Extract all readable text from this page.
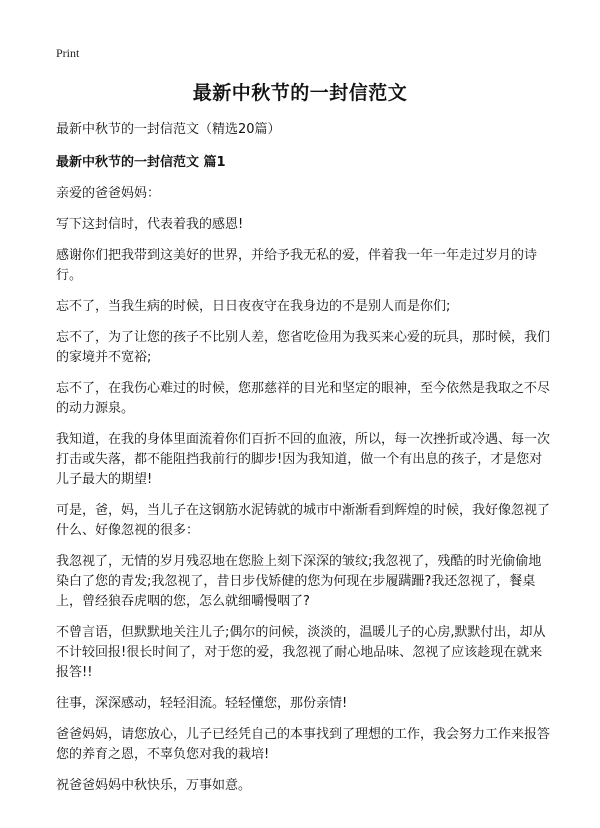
Print
最新中秋节的一封信范文
最新中秋节的一封信范文（精选20篇）
最新中秋节的一封信范文 篇1

亲爱的爸爸妈妈：

写下这封信时，代表着我的感恩!

感谢你们把我带到这美好的世界，并给予我无私的爱，伴着我一年一年走过岁月的诗行。

忘不了，当我生病的时候，日日夜夜守在我身边的不是别人而是你们;

忘不了，为了让您的孩子不比别人差，您省吃俭用为我买来心爱的玩具，那时候，我们的家境并不宽裕;

忘不了，在我伤心难过的时候，您那慈祥的目光和坚定的眼神，至今依然是我取之不尽的动力源泉。

我知道，在我的身体里面流着你们百折不回的血液，所以，每一次挫折或冷遇、每一次打击或失落，都不能阻挡我前行的脚步!因为我知道，做一个有出息的孩子，才是您对儿子最大的期望!

可是，爸，妈，当儿子在这钢筋水泥铸就的城市中渐渐看到辉煌的时候，我好像忽视了什么、好像忽视的很多：

我忽视了，无情的岁月残忍地在您脸上刻下深深的皱纹;我忽视了，残酷的时光偷偷地染白了您的青发;我忽视了，昔日步伐矫健的您为何现在步履蹒跚?我还忽视了，餐桌上，曾经狼吞虎咽的您，怎么就细嚼慢咽了?

不曾言语，但默默地关注儿子;偶尔的问候，淡淡的，温暖儿子的心房,默默付出，却从不计较回报!很长时间了，对于您的爱，我忽视了耐心地品味、忽视了应该趁现在就来报答!!

往事，深深感动，轻轻泪流。轻轻懂您，那份亲情!

爸爸妈妈，请您放心，儿子已经凭自己的本事找到了理想的工作，我会努力工作来报答您的养育之恩，不辜负您对我的栽培!

祝爸爸妈妈中秋快乐，万事如意。
